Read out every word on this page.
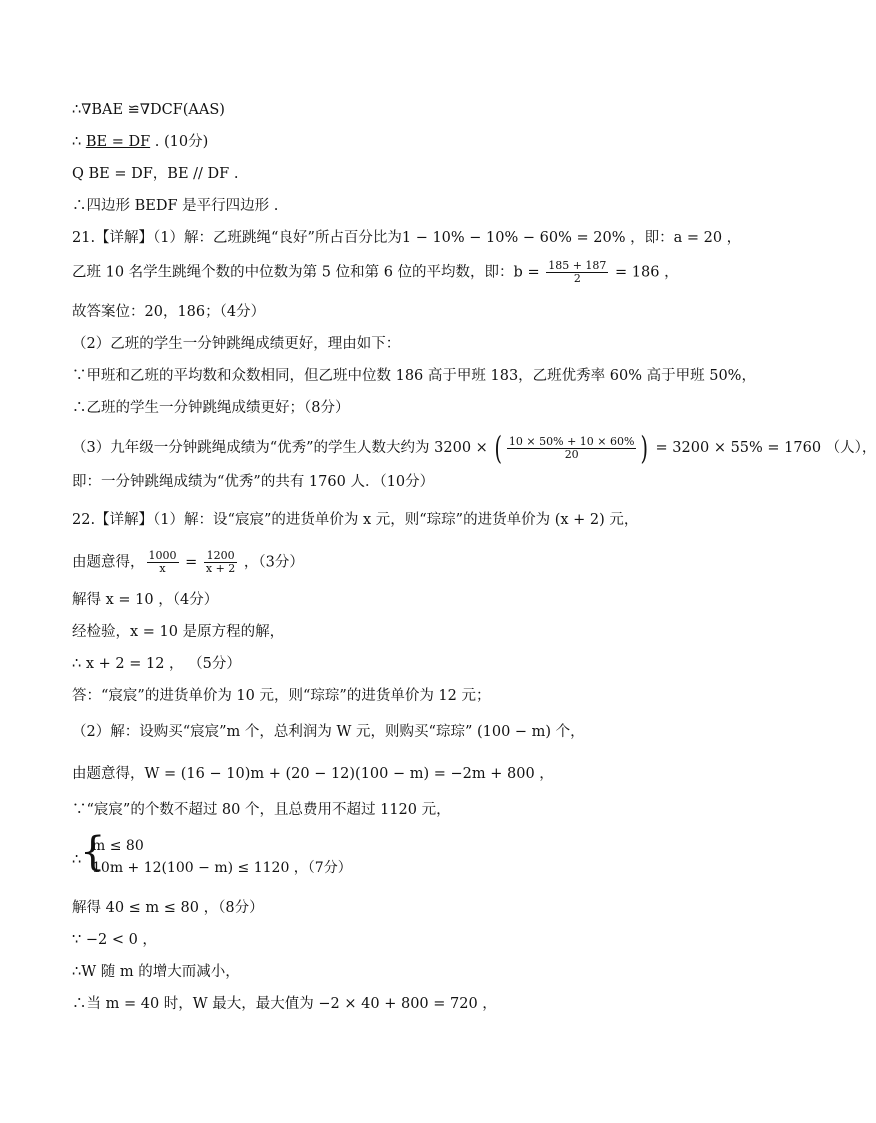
∴∇BAE ≌∇DCF(AAS)
∴ BE = DF . (10分)
Q BE = DF，BE // DF .
∴四边形 BEDF 是平行四边形 .
21.【详解】（1）解：乙班跳绳“良好”所占百分比为1 − 10% − 10% − 60% = 20% ，即：a = 20 ，
乙班 10 名学生跳绳个数的中位数为第 5 位和第 6 位的平均数，即：$b = \frac{185 + 187}{2} = 186$ ，
故答案位：20，186；（4分）
（2）乙班的学生一分钟跳绳成绩更好，理由如下：
∵甲班和乙班的平均数和众数相同，但乙班中位数 186 高于甲班 183，乙班优秀率 60% 高于甲班 50%，
∴乙班的学生一分钟跳绳成绩更好；（8分）
（3）九年级一分钟跳绳成绩为“优秀”的学生人数大约为 3200 × ( $\frac{10 \times 50\% + 10 \times 60\%}{20}$ ) = 3200 × 55% = 1760 （人），
即：一分钟跳绳成绩为“优秀”的共有 1760 人．（10分）
22.【详解】（1）解：设“宸宸”的进货单价为 x 元，则“琮琮”的进货单价为 (x + 2) 元，
由题意得， $\frac{1000}{x} = \frac{1200}{x + 2}$ ，（3分）
解得 x = 10 ，（4分）
经检验，x = 10 是原方程的解，
∴ x + 2 = 12 ， （5分）
答：“宸宸”的进货单价为 10 元，则“琮琮”的进货单价为 12 元；
（2）解：设购买“宸宸”m 个，总利润为 W 元，则购买“琮琮” (100 − m) 个，
由题意得，W = (16 − 10)m + (20 − 12)(100 − m) = −2m + 800 ，
∵“宸宸”的个数不超过 80 个，且总费用不超过 1120 元，
∴
{
m ≤ 80
10m + 12(100 − m) ≤ 1120 ，（7分）
解得 40 ≤ m ≤ 80 ，（8分）
∵ −2 < 0 ，
∴W 随 m 的增大而减小，
∴当 m = 40 时，W 最大，最大值为 −2 × 40 + 800 = 720 ，
